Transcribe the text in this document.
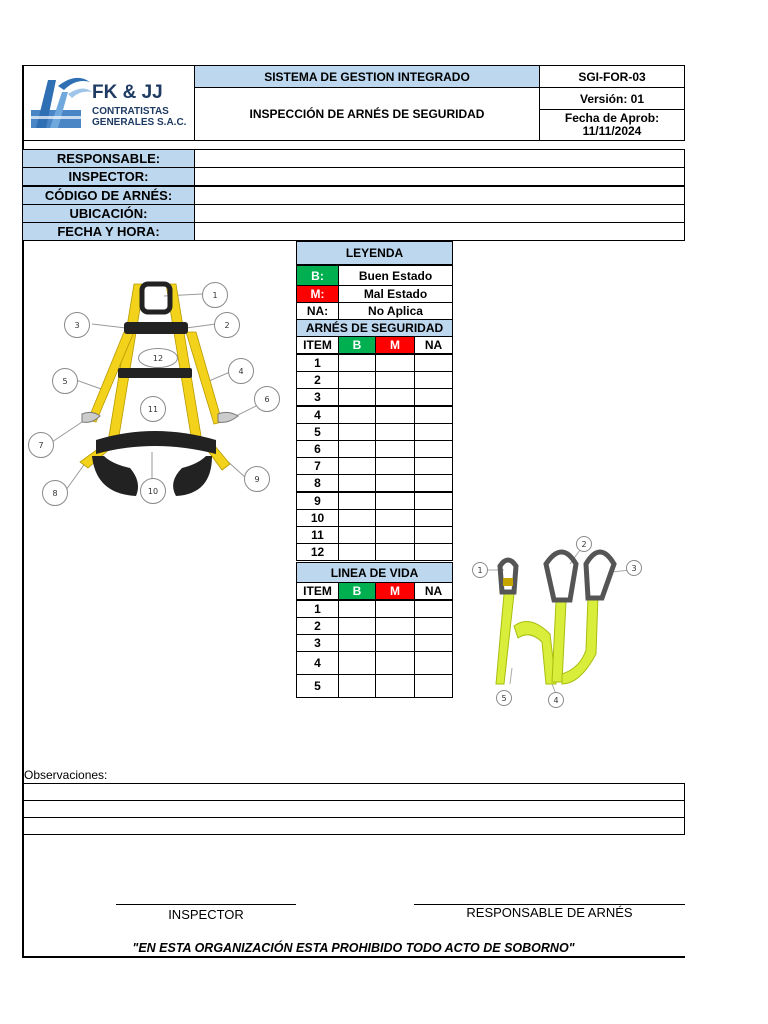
FK & JJ
CONTRATISTAS
GENERALES S.A.C.
SISTEMA DE GESTION INTEGRADO
INSPECCIÓN DE ARNÉS DE SEGURIDAD
SGI-FOR-03
Versión: 01
Fecha de Aprob:
11/11/2024
RESPONSABLE:
INSPECTOR:
CÓDIGO DE ARNÉS:
UBICACIÓN:
FECHA Y HORA:
1
2
3
4
5
6
7
8
9
10
11
12
LEYENDA
B:	Buen Estado
M:	Mal Estado
NA:	No Aplica
ARNÉS DE SEGURIDAD
ITEM	B	M	NA
1
2
3
4
5
6
7
8
9
10
11
12
LINEA DE VIDA
ITEM	B	M	NA
1
2
3
4
5
1
2
3
4
5
Observaciones:
INSPECTOR	RESPONSABLE DE ARNÉS
"EN ESTA ORGANIZACIÓN ESTA PROHIBIDO TODO ACTO DE SOBORNO"
